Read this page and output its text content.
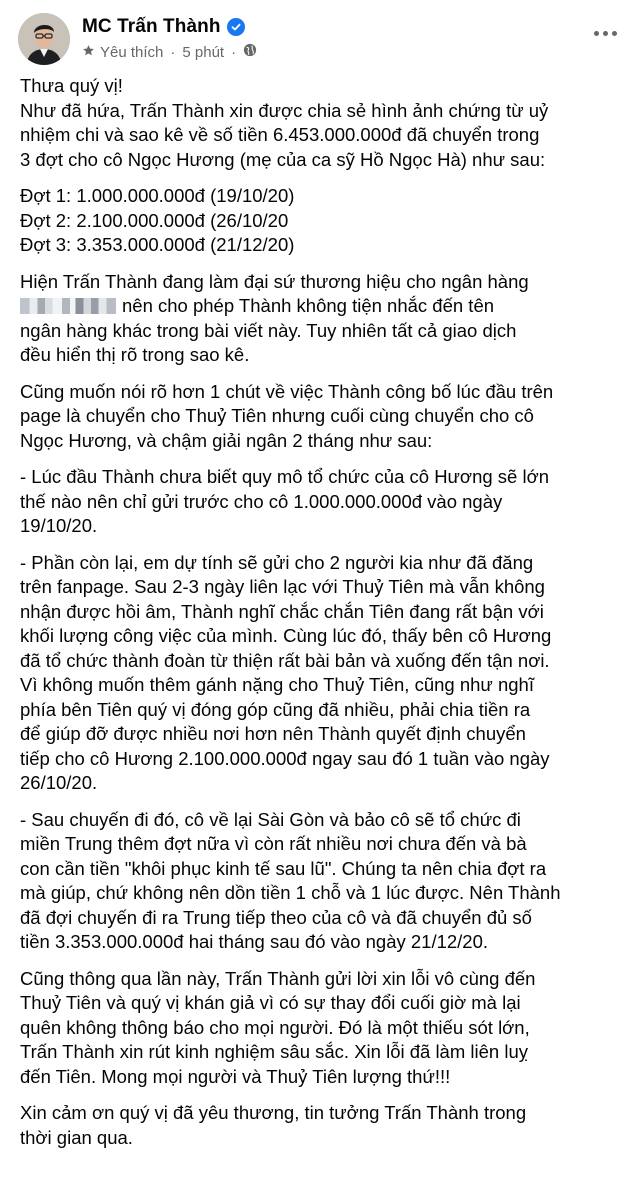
MC Trấn Thành
Yêu thích · 5 phút ·
Thưa quý vị!
Như đã hứa, Trấn Thành xin được chia sẻ hình ảnh chứng từ uỷ
nhiệm chi và sao kê về số tiền 6.453.000.000đ đã chuyển trong
3 đợt cho cô Ngọc Hương (mẹ của ca sỹ Hồ Ngọc Hà) như sau:
Đợt 1: 1.000.000.000đ (19/10/20)
Đợt 2: 2.100.000.000đ (26/10/20
Đợt 3: 3.353.000.000đ (21/12/20)
Hiện Trấn Thành đang làm đại sứ thương hiệu cho ngân hàng
nên cho phép Thành không tiện nhắc đến tên
ngân hàng khác trong bài viết này. Tuy nhiên tất cả giao dịch
đều hiển thị rõ trong sao kê.
Cũng muốn nói rõ hơn 1 chút về việc Thành công bố lúc đầu trên
page là chuyển cho Thuỷ Tiên nhưng cuối cùng chuyển cho cô
Ngọc Hương, và chậm giải ngân 2 tháng như sau:
- Lúc đầu Thành chưa biết quy mô tổ chức của cô Hương sẽ lớn
thế nào nên chỉ gửi trước cho cô 1.000.000.000đ vào ngày
19/10/20.
- Phần còn lại, em dự tính sẽ gửi cho 2 người kia như đã đăng
trên fanpage. Sau 2-3 ngày liên lạc với Thuỷ Tiên mà vẫn không
nhận được hồi âm, Thành nghĩ chắc chắn Tiên đang rất bận với
khối lượng công việc của mình. Cùng lúc đó, thấy bên cô Hương
đã tổ chức thành đoàn từ thiện rất bài bản và xuống đến tận nơi.
Vì không muốn thêm gánh nặng cho Thuỷ Tiên, cũng như nghĩ
phía bên Tiên quý vị đóng góp cũng đã nhiều, phải chia tiền ra
để giúp đỡ được nhiều nơi hơn nên Thành quyết định chuyển
tiếp cho cô Hương 2.100.000.000đ ngay sau đó 1 tuần vào ngày
26/10/20.
- Sau chuyến đi đó, cô về lại Sài Gòn và bảo cô sẽ tổ chức đi
miền Trung thêm đợt nữa vì còn rất nhiều nơi chưa đến và bà
con cần tiền "khôi phục kinh tế sau lũ". Chúng ta nên chia đợt ra
mà giúp, chứ không nên dồn tiền 1 chỗ và 1 lúc được. Nên Thành
đã đợi chuyến đi ra Trung tiếp theo của cô và đã chuyển đủ số
tiền 3.353.000.000đ hai tháng sau đó vào ngày 21/12/20.
Cũng thông qua lần này, Trấn Thành gửi lời xin lỗi vô cùng đến
Thuỷ Tiên và quý vị khán giả vì có sự thay đổi cuối giờ mà lại
quên không thông báo cho mọi người. Đó là một thiếu sót lớn,
Trấn Thành xin rút kinh nghiệm sâu sắc. Xin lỗi đã làm liên luỵ
đến Tiên. Mong mọi người và Thuỷ Tiên lượng thứ!!!
Xin cảm ơn quý vị đã yêu thương, tin tưởng Trấn Thành trong
thời gian qua.
